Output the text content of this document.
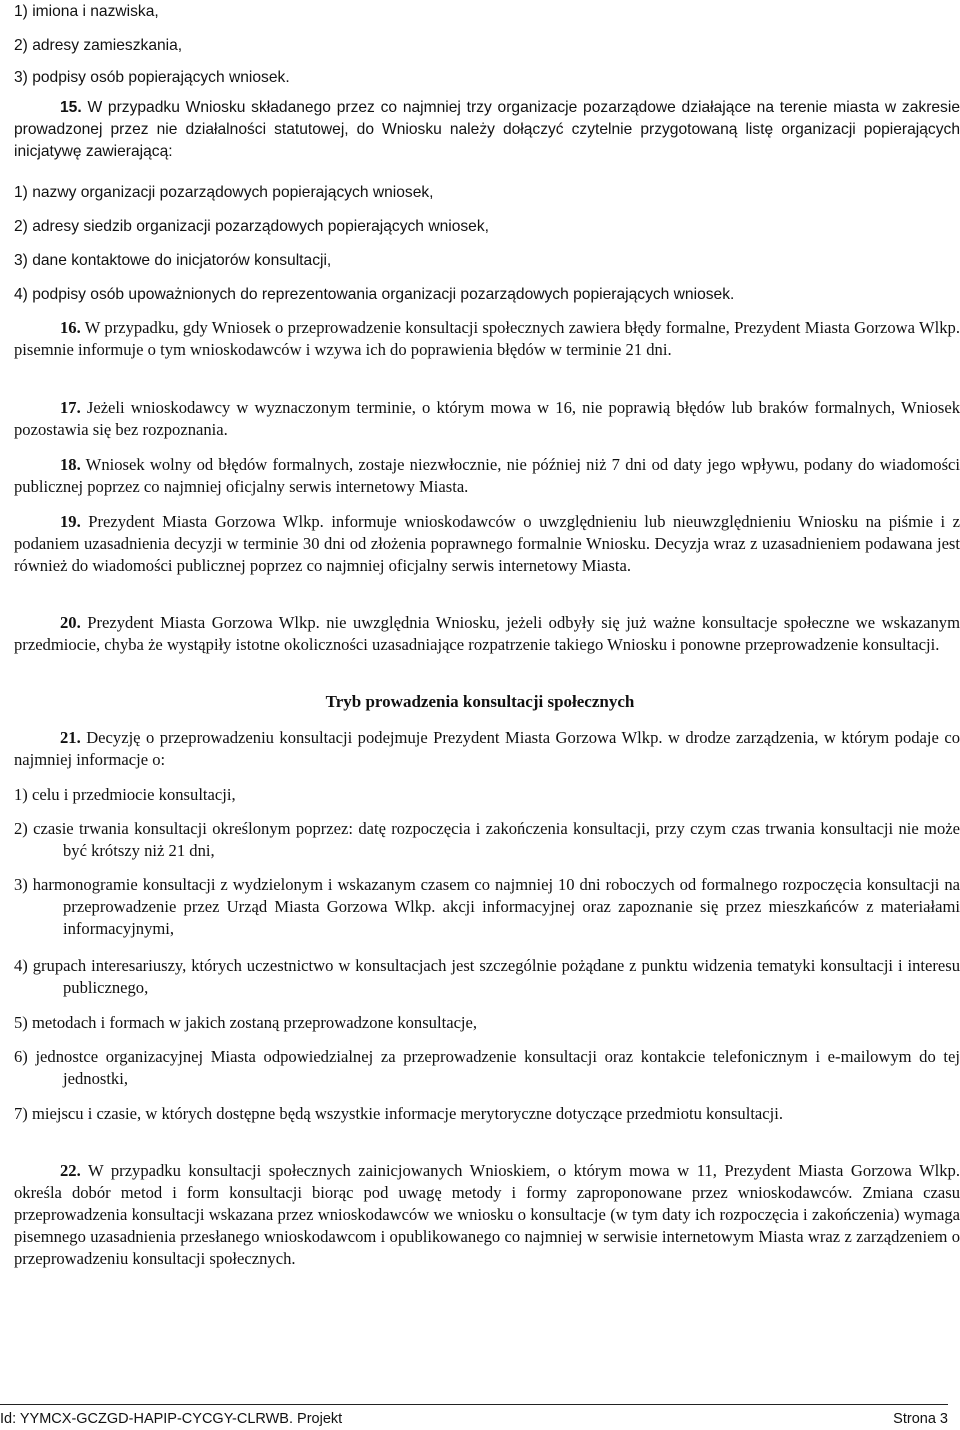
1) imiona i nazwiska,
2) adresy zamieszkania,
3) podpisy osób popierających wniosek.
15. W przypadku Wniosku składanego przez co najmniej trzy organizacje pozarządowe działające na terenie miasta w zakresie prowadzonej przez nie działalności statutowej, do Wniosku należy dołączyć czytelnie przygotowaną listę organizacji popierających inicjatywę zawierającą:
1) nazwy organizacji pozarządowych popierających wniosek,
2) adresy siedzib organizacji pozarządowych popierających wniosek,
3) dane kontaktowe do inicjatorów konsultacji,
4) podpisy osób upoważnionych do reprezentowania organizacji pozarządowych popierających wniosek.
16. W przypadku, gdy Wniosek o przeprowadzenie konsultacji społecznych zawiera błędy formalne, Prezydent Miasta Gorzowa Wlkp. pisemnie informuje o tym wnioskodawców i wzywa ich do poprawienia błędów w terminie 21 dni.
17. Jeżeli wnioskodawcy w wyznaczonym terminie, o którym mowa w 16, nie poprawią błędów lub braków formalnych, Wniosek pozostawia się bez rozpoznania.
18. Wniosek wolny od błędów formalnych, zostaje niezwłocznie, nie później niż 7 dni od daty jego wpływu, podany do wiadomości publicznej poprzez co najmniej oficjalny serwis internetowy Miasta.
19. Prezydent Miasta Gorzowa Wlkp. informuje wnioskodawców o uwzględnieniu lub nieuwzględnieniu Wniosku na piśmie i z podaniem uzasadnienia decyzji w terminie 30 dni od złożenia poprawnego formalnie Wniosku. Decyzja wraz z uzasadnieniem podawana jest również do wiadomości publicznej poprzez co najmniej oficjalny serwis internetowy Miasta.
20. Prezydent Miasta Gorzowa Wlkp. nie uwzględnia Wniosku, jeżeli odbyły się już ważne konsultacje społeczne we wskazanym przedmiocie, chyba że wystąpiły istotne okoliczności uzasadniające rozpatrzenie takiego Wniosku i ponowne przeprowadzenie konsultacji.
Tryb prowadzenia konsultacji społecznych
21. Decyzję o przeprowadzeniu konsultacji podejmuje Prezydent Miasta Gorzowa Wlkp. w drodze zarządzenia, w którym podaje co najmniej informacje o:
1) celu i przedmiocie konsultacji,
2) czasie trwania konsultacji określonym poprzez: datę rozpoczęcia i zakończenia konsultacji, przy czym czas trwania konsultacji nie może być krótszy niż 21 dni,
3) harmonogramie konsultacji z wydzielonym i wskazanym czasem co najmniej 10 dni roboczych od formalnego rozpoczęcia konsultacji na przeprowadzenie przez Urząd Miasta Gorzowa Wlkp. akcji informacyjnej oraz zapoznanie się przez mieszkańców z materiałami informacyjnymi,
4) grupach interesariuszy, których uczestnictwo w konsultacjach jest szczególnie pożądane z punktu widzenia tematyki konsultacji i interesu publicznego,
5) metodach i formach w jakich zostaną przeprowadzone konsultacje,
6) jednostce organizacyjnej Miasta odpowiedzialnej za przeprowadzenie konsultacji oraz kontakcie telefonicznym i e-mailowym do tej jednostki,
7) miejscu i czasie, w których dostępne będą wszystkie informacje merytoryczne dotyczące przedmiotu konsultacji.
22. W przypadku konsultacji społecznych zainicjowanych Wnioskiem, o którym mowa w 11, Prezydent Miasta Gorzowa Wlkp. określa dobór metod i form konsultacji biorąc pod uwagę metody i formy zaproponowane przez wnioskodawców. Zmiana czasu przeprowadzenia konsultacji wskazana przez wnioskodawców we wniosku o konsultacje (w tym daty ich rozpoczęcia i zakończenia) wymaga pisemnego uzasadnienia przesłanego wnioskodawcom i opublikowanego co najmniej w serwisie internetowym Miasta wraz z zarządzeniem o przeprowadzeniu konsultacji społecznych.
Id: YYMCX-GCZGD-HAPIP-CYCGY-CLRWB. Projekt	Strona 3
